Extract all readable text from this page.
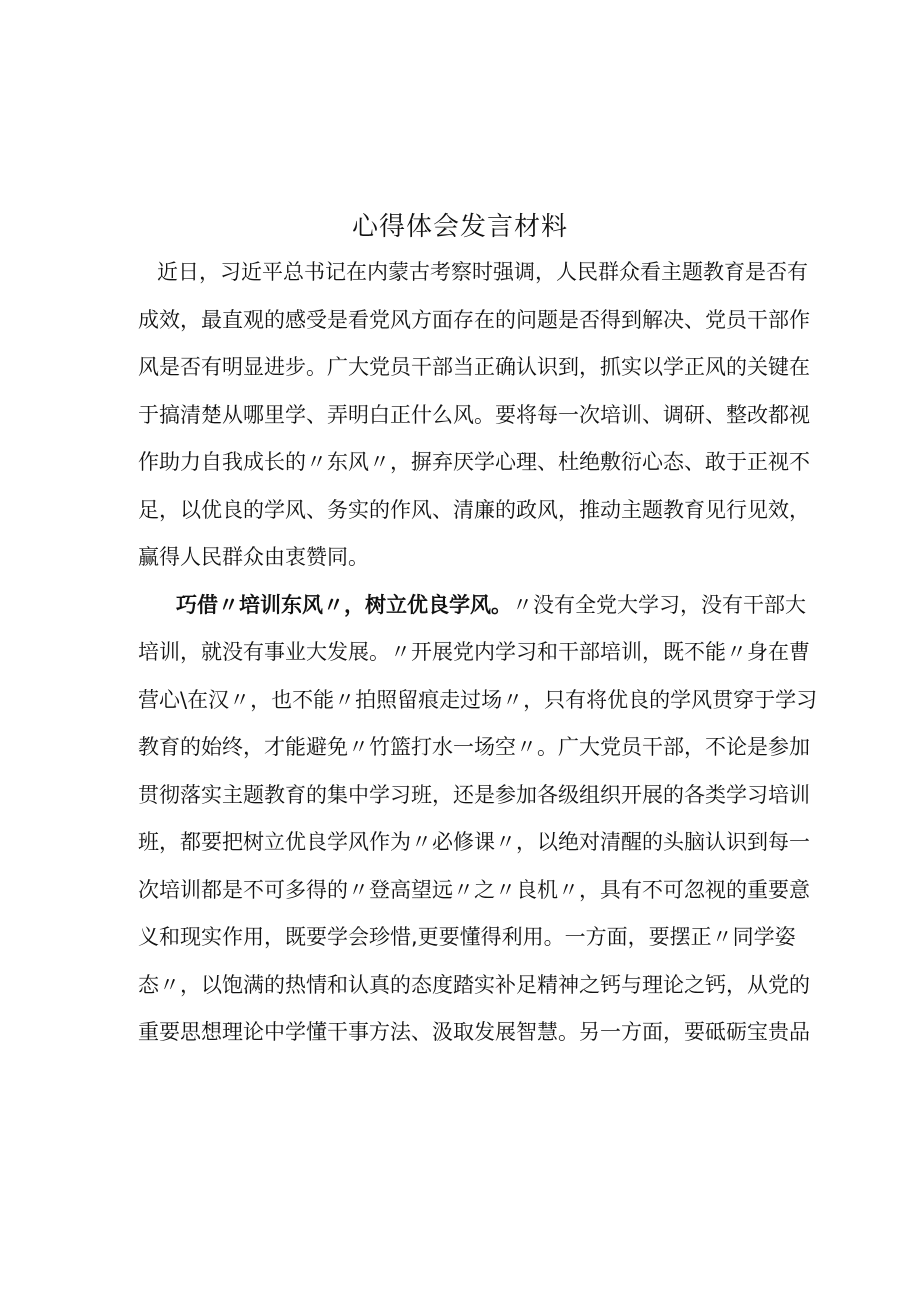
心得体会发言材料
近日，习近平总书记在内蒙古考察时强调，人民群众看主题教育是否有
成效，最直观的感受是看党风方面存在的问题是否得到解决、党员干部作
风是否有明显进步。广大党员干部当正确认识到，抓实以学正风的关键在
于搞清楚从哪里学、弄明白正什么风。要将每一次培训、调研、整改都视
作助力自我成长的〃东风〃，摒弃厌学心理、杜绝敷衍心态、敢于正视不
足，以优良的学风、务实的作风、清廉的政风，推动主题教育见行见效，
赢得人民群众由衷赞同。
巧借〃培训东风〃，树立优良学风。〃没有全党大学习，没有干部大
培训，就没有事业大发展。〃开展党内学习和干部培训，既不能〃身在曹
营心\在汉〃，也不能〃拍照留痕走过场〃，只有将优良的学风贯穿于学习
教育的始终，才能避免〃竹篮打水一场空〃。广大党员干部，不论是参加
贯彻落实主题教育的集中学习班，还是参加各级组织开展的各类学习培训
班，都要把树立优良学风作为〃必修课〃，以绝对清醒的头脑认识到每一
次培训都是不可多得的〃登高望远〃之〃良机〃，具有不可忽视的重要意
义和现实作用，既要学会珍惜,更要懂得利用。一方面，要摆正〃同学姿
态〃，以饱满的热情和认真的态度踏实补足精神之钙与理论之钙，从党的
重要思想理论中学懂干事方法、汲取发展智慧。另一方面，要砥砺宝贵品
